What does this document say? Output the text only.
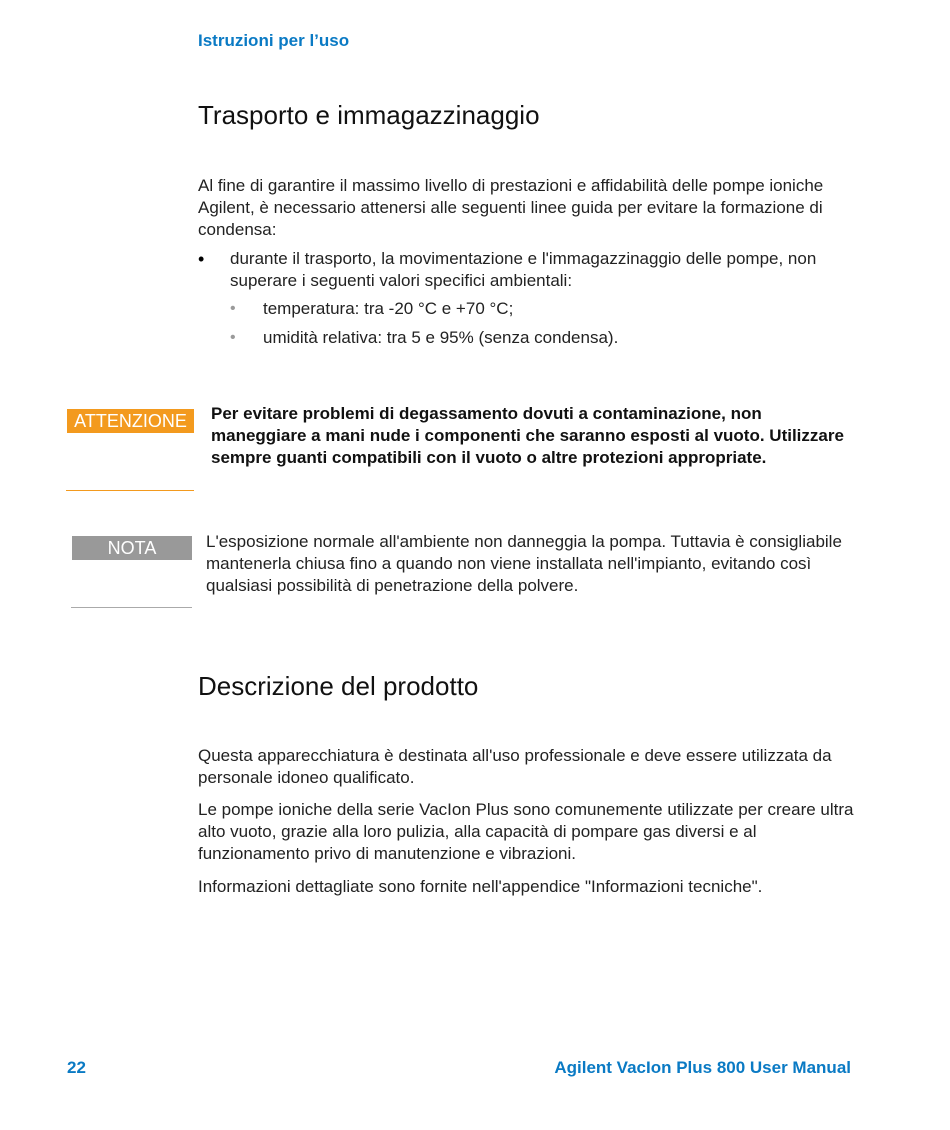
Istruzioni per l’uso
Trasporto e immagazzinaggio

Al fine di garantire il massimo livello di prestazioni e affidabilità delle pompe ioniche Agilent, è necessario attenersi alle seguenti linee guida per evitare la formazione di condensa:

• durante il trasporto, la movimentazione e l'immagazzinaggio delle pompe, non superare i seguenti valori specifici ambientali:
• temperatura: tra -20 °C e +70 °C;
• umidità relativa: tra 5 e 95% (senza condensa).
ATTENZIONE	Per evitare problemi di degassamento dovuti a contaminazione, non maneggiare a mani nude i componenti che saranno esposti al vuoto. Utilizzare sempre guanti compatibili con il vuoto o altre protezioni appropriate.

NOTA	L'esposizione normale all'ambiente non danneggia la pompa. Tuttavia è consigliabile mantenerla chiusa fino a quando non viene installata nell'impianto, evitando così qualsiasi possibilità di penetrazione della polvere.

Descrizione del prodotto

Questa apparecchiatura è destinata all'uso professionale e deve essere utilizzata da personale idoneo qualificato.

Le pompe ioniche della serie VacIon Plus sono comunemente utilizzate per creare ultra alto vuoto, grazie alla loro pulizia, alla capacità di pompare gas diversi e al funzionamento privo di manutenzione e vibrazioni.

Informazioni dettagliate sono fornite nell'appendice "Informazioni tecniche".

22	Agilent VacIon Plus 800 User Manual
